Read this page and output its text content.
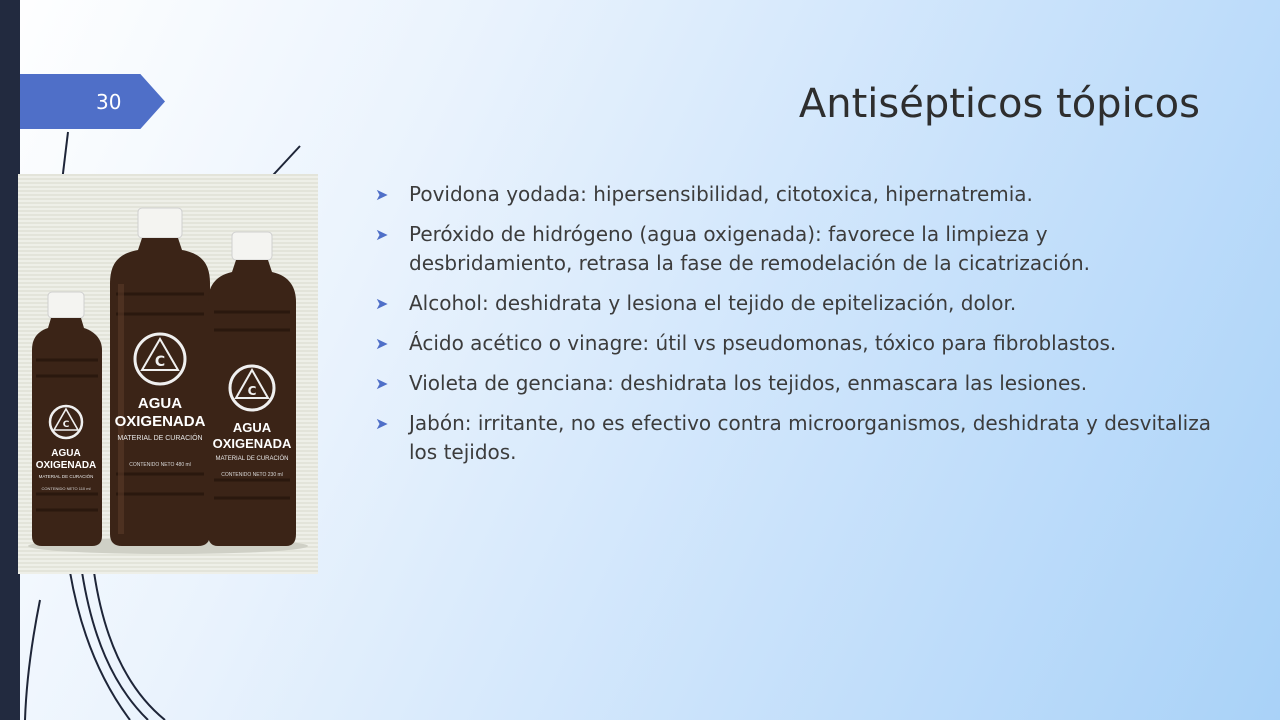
30	Antisépticos tópicos
C
AGUA
OXIGENADA
MATERIAL DE CURACIÓN
CONTENIDO NETO 480 ml
C
AGUA
OXIGENADA
MATERIAL DE CURACIÓN
CONTENIDO NETO 230 ml
C
AGUA
OXIGENADA
MATERIAL DE CURACIÓN
CONTENIDO NETO 110 ml
➤	Povidona yodada: hipersensibilidad, citotoxica, hipernatremia.
➤	Peróxido de hidrógeno (agua oxigenada): favorece la limpieza y desbridamiento, retrasa la fase de remodelación de la cicatrización.
➤	Alcohol: deshidrata y lesiona el tejido de epitelización, dolor.
➤	Ácido acético o vinagre: útil vs pseudomonas, tóxico para fibroblastos.
➤	Violeta de genciana: deshidrata los tejidos, enmascara las lesiones.
➤	Jabón: irritante, no es efectivo contra microorganismos, deshidrata y desvitaliza los tejidos.
